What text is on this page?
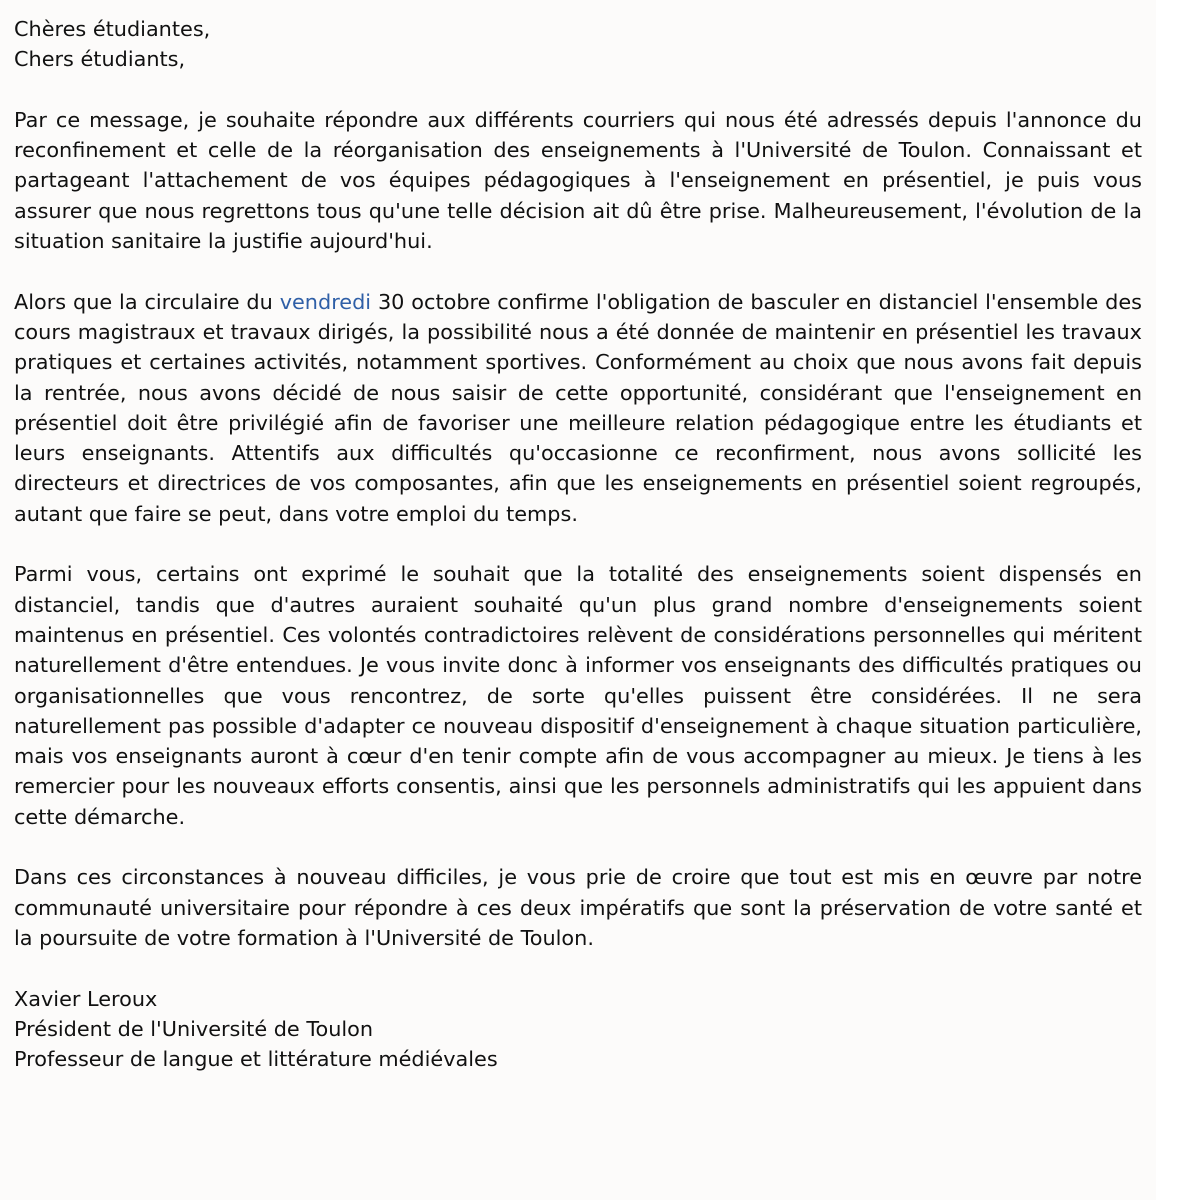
Chères étudiantes,
Chers étudiants,

Par ce message, je souhaite répondre aux différents courriers qui nous été adressés depuis l'annonce du reconfinement et celle de la réorganisation des enseignements à l'Université de Toulon. Connaissant et partageant l'attachement de vos équipes pédagogiques à l'enseignement en présentiel, je puis vous assurer que nous regrettons tous qu'une telle décision ait dû être prise. Malheureusement, l'évolution de la situation sanitaire la justifie aujourd'hui.

Alors que la circulaire du vendredi 30 octobre confirme l'obligation de basculer en distanciel l'ensemble des cours magistraux et travaux dirigés, la possibilité nous a été donnée de maintenir en présentiel les travaux pratiques et certaines activités, notamment sportives. Conformément au choix que nous avons fait depuis la rentrée, nous avons décidé de nous saisir de cette opportunité, considérant que l'enseignement en présentiel doit être privilégié afin de favoriser une meilleure relation pédagogique entre les étudiants et leurs enseignants. Attentifs aux difficultés qu'occasionne ce reconfirment, nous avons sollicité les directeurs et directrices de vos composantes, afin que les enseignements en présentiel soient regroupés, autant que faire se peut, dans votre emploi du temps.

Parmi vous, certains ont exprimé le souhait que la totalité des enseignements soient dispensés en distanciel, tandis que d'autres auraient souhaité qu'un plus grand nombre d'enseignements soient maintenus en présentiel. Ces volontés contradictoires relèvent de considérations personnelles qui méritent naturellement d'être entendues. Je vous invite donc à informer vos enseignants des difficultés pratiques ou organisationnelles que vous rencontrez, de sorte qu'elles puissent être considérées. Il ne sera naturellement pas possible d'adapter ce nouveau dispositif d'enseignement à chaque situation particulière, mais vos enseignants auront à cœur d'en tenir compte afin de vous accompagner au mieux. Je tiens à les remercier pour les nouveaux efforts consentis, ainsi que les personnels administratifs qui les appuient dans cette démarche.

Dans ces circonstances à nouveau difficiles, je vous prie de croire que tout est mis en œuvre par notre communauté universitaire pour répondre à ces deux impératifs que sont la préservation de votre santé et la poursuite de votre formation à l'Université de Toulon.

Xavier Leroux
Président de l'Université de Toulon
Professeur de langue et littérature médiévales
